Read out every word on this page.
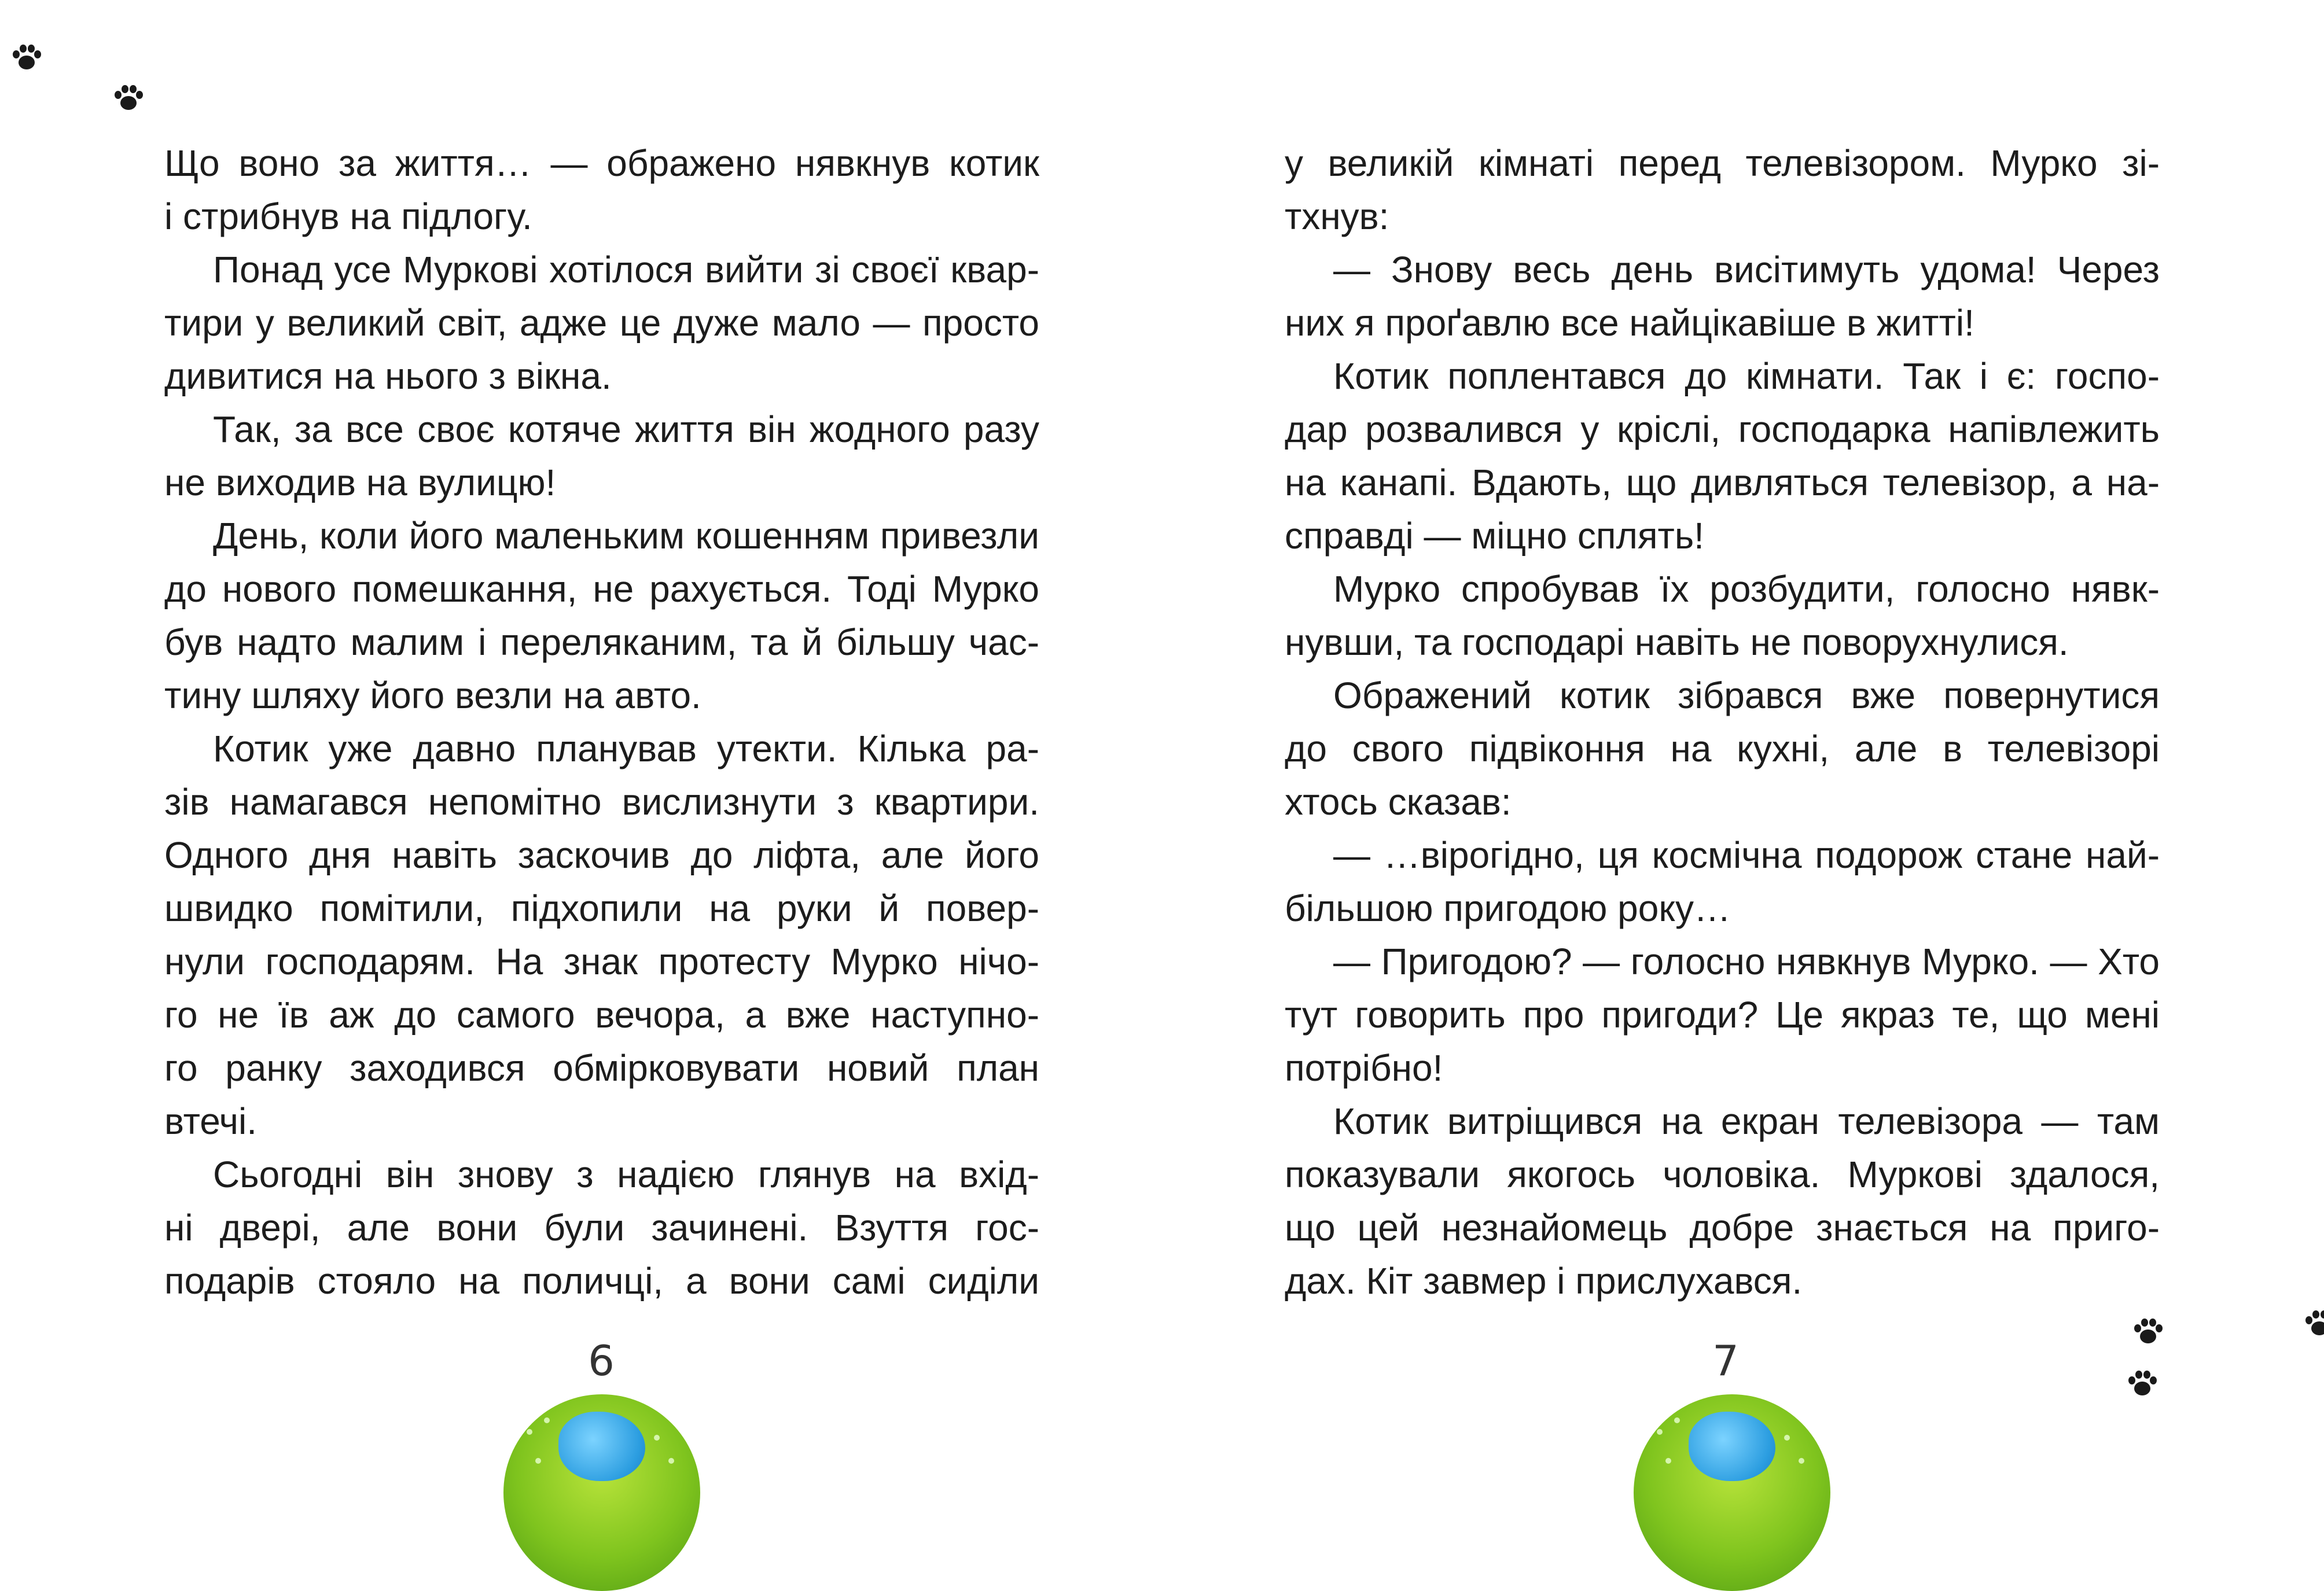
Що воно за життя… — ображено нявкнув котик
і стрибнув на підлогу.
Понад усе Муркові хотілося вийти зі своєї квар-
тири у великий світ, адже це дуже мало — просто
дивитися на нього з вікна.
Так, за все своє котяче життя він жодного разу
не виходив на вулицю!
День, коли його маленьким кошенням привезли
до нового помешкання, не рахується. Тоді Мурко
був надто малим і переляканим, та й більшу час-
тину шляху його везли на авто.
Котик уже давно планував утекти. Кілька ра-
зів намагався непомітно вислизнути з квартири.
Одного дня навіть заскочив до ліфта, але його
швидко помітили, підхопили на руки й повер-
нули господарям. На знак протесту Мурко нічо-
го не їв аж до самого вечора, а вже наступно-
го ранку заходився обмірковувати новий план
втечі.
Сьогодні він знову з надією глянув на вхід-
ні двері, але вони були зачинені. Взуття гос-
подарів стояло на поличці, а вони самі сиділи
6
у великій кімнаті перед телевізором. Мурко зі-
тхнув:
— Знову весь день висітимуть удома! Через
них я проґавлю все найцікавіше в житті!
Котик поплентався до кімнати. Так і є: госпо-
дар розвалився у кріслі, господарка напівлежить
на канапі. Вдають, що дивляться телевізор, а на-
справді — міцно сплять!
Мурко спробував їх розбудити, голосно нявк-
нувши, та господарі навіть не поворухнулися.
Ображений котик зібрався вже повернутися
до свого підвіконня на кухні, але в телевізорі
хтось сказав:
— …вірогідно, ця космічна подорож стане най-
більшою пригодою року…
— Пригодою? — голосно нявкнув Мурко. — Хто
тут говорить про пригоди? Це якраз те, що мені
потрібно!
Котик витріщився на екран телевізора — там
показували якогось чоловіка. Муркові здалося,
що цей незнайомець добре знається на приго-
дах. Кіт завмер і прислухався.
7
